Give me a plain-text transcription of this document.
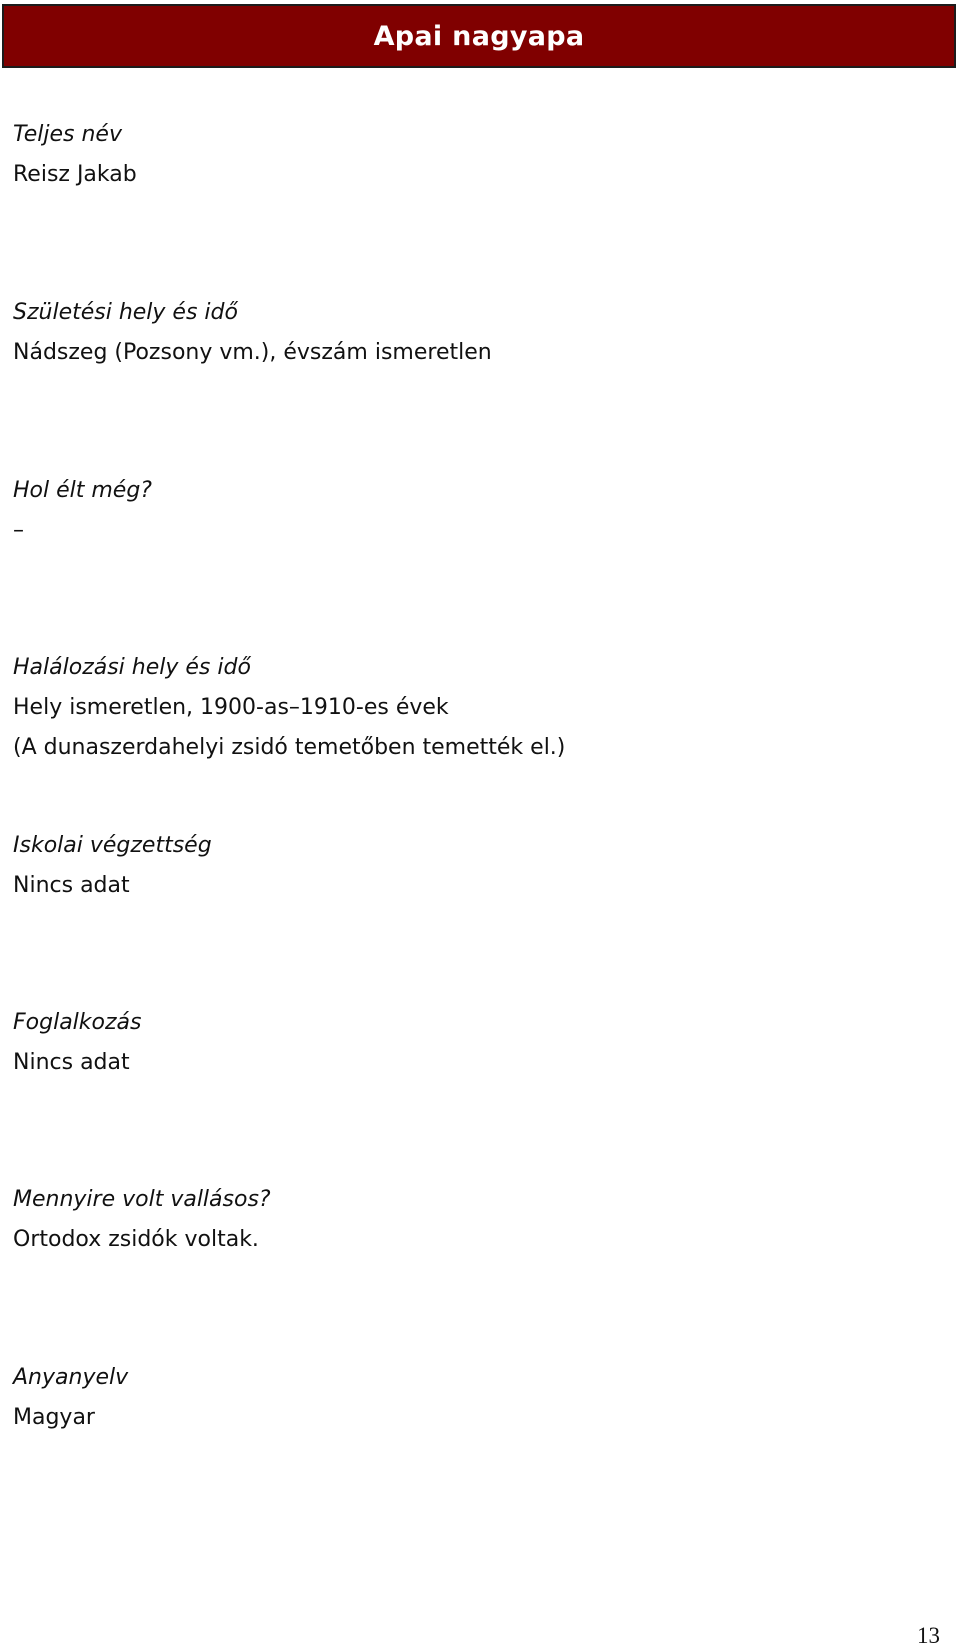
Apai nagyapa
Teljes név
Reisz Jakab
Születési hely és idő
Nádszeg (Pozsony vm.), évszám ismeretlen
Hol élt még?
–
Halálozási hely és idő
Hely ismeretlen, 1900-as–1910-es évek
(A dunaszerdahelyi zsidó temetőben temették el.)
Iskolai végzettség
Nincs adat
Foglalkozás
Nincs adat
Mennyire volt vallásos?
Ortodox zsidók voltak.
Anyanyelv
Magyar
13
